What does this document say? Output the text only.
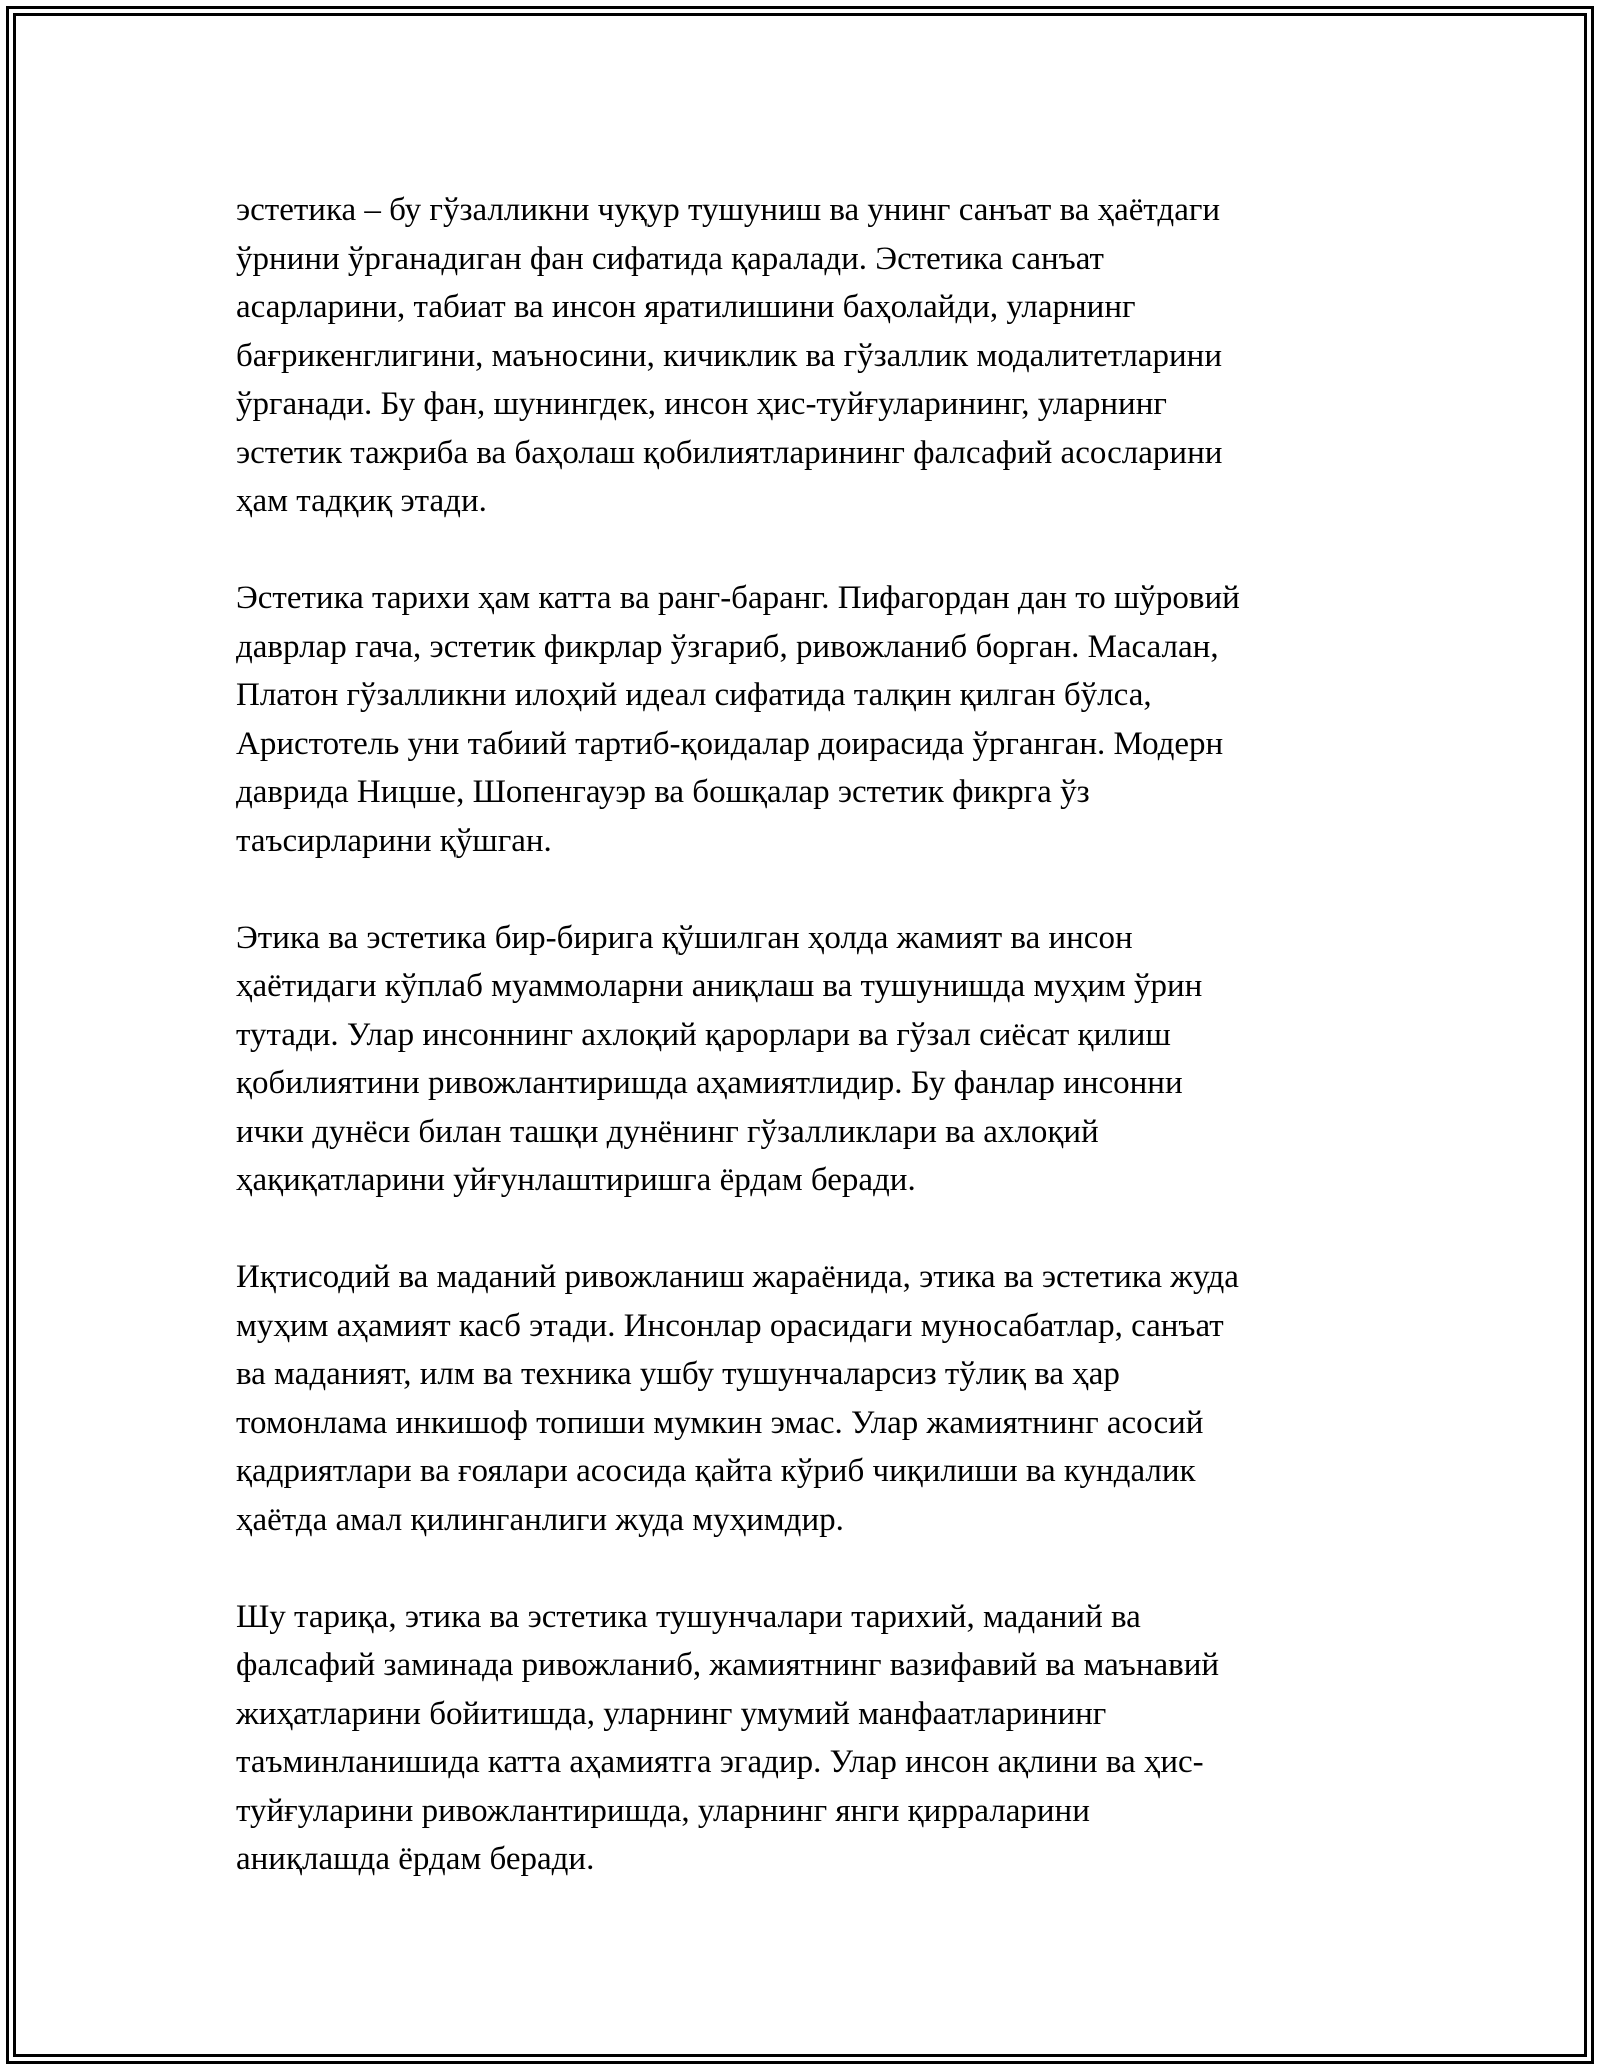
эстетика – бу гўзалликни чуқур тушуниш ва унинг санъат ва ҳаётдаги
ўрнини ўрганадиган фан сифатида қаралади. Эстетика санъат
асарларини, табиат ва инсон яратилишини баҳолайди, уларнинг
бағрикенглигини, маъносини, кичиклик ва гўзаллик модалитетларини
ўрганади. Бу фан, шунингдек, инсон ҳис-туйғуларининг, уларнинг
эстетик тажриба ва баҳолаш қобилиятларининг фалсафий асосларини
ҳам тадқиқ этади.

Эстетика тарихи ҳам катта ва ранг-баранг. Пифагордан дан то шўровий
даврлар гача, эстетик фикрлар ўзгариб, ривожланиб борган. Масалан,
Платон гўзалликни илоҳий идеал сифатида талқин қилган бўлса,
Аристотель уни табиий тартиб-қоидалар доирасида ўрганган. Модерн
даврида Ницше, Шопенгауэр ва бошқалар эстетик фикрга ўз
таъсирларини қўшган.

Этика ва эстетика бир-бирига қўшилган ҳолда жамият ва инсон
ҳаётидаги кўплаб муаммоларни аниқлаш ва тушунишда муҳим ўрин
тутади. Улар инсоннинг ахлоқий қарорлари ва гўзал сиёсат қилиш
қобилиятини ривожлантиришда аҳамиятлидир. Бу фанлар инсонни
ички дунёси билан ташқи дунёнинг гўзалликлари ва ахлоқий
ҳақиқатларини уйғунлаштиришга ёрдам беради.

Иқтисодий ва маданий ривожланиш жараёнида, этика ва эстетика жуда
муҳим аҳамият касб этади. Инсонлар орасидаги муносабатлар, санъат
ва маданият, илм ва техника ушбу тушунчаларсиз тўлиқ ва ҳар
томонлама инкишоф топиши мумкин эмас. Улар жамиятнинг асосий
қадриятлари ва ғоялари асосида қайта кўриб чиқилиши ва кундалик
ҳаётда амал қилинганлиги жуда муҳимдир.

Шу тариқа, этика ва эстетика тушунчалари тарихий, маданий ва
фалсафий заминада ривожланиб, жамиятнинг вазифавий ва маънавий
жиҳатларини бойитишда, уларнинг умумий манфаатларининг
таъминланишида катта аҳамиятга эгадир. Улар инсон ақлини ва ҳис-
туйғуларини ривожлантиришда, уларнинг янги қирраларини
аниқлашда ёрдам беради.
